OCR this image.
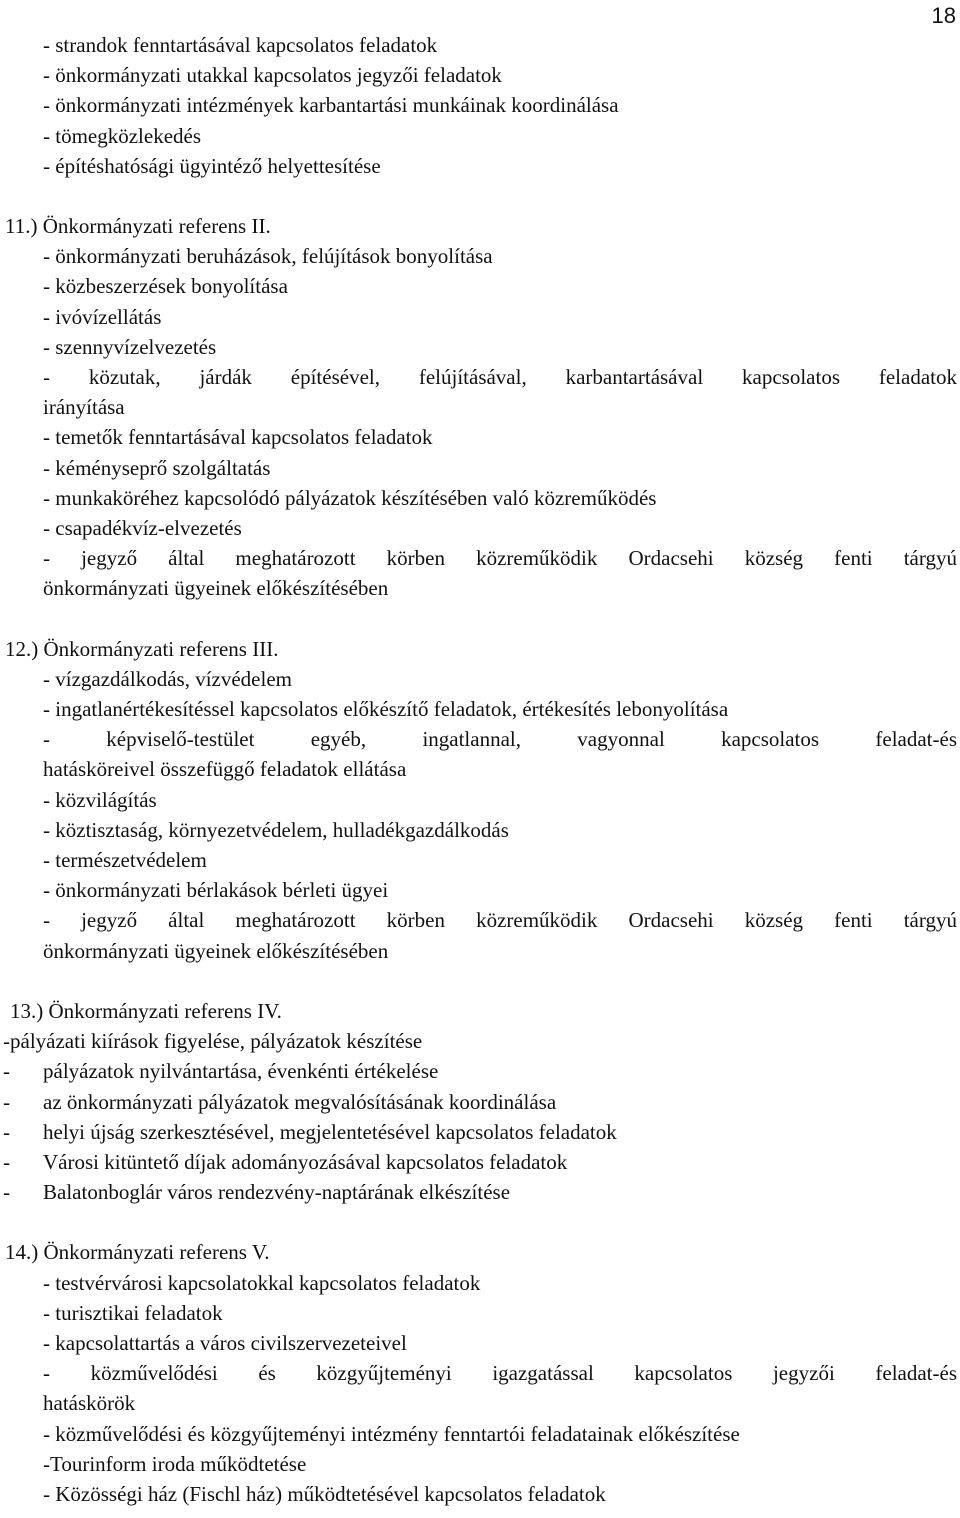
18
- strandok fenntartásával kapcsolatos feladatok
- önkormányzati utakkal kapcsolatos jegyzői feladatok
- önkormányzati intézmények karbantartási munkáinak koordinálása
- tömegközlekedés
- építéshatósági ügyintéző helyettesítése
11.) Önkormányzati referens II.
- önkormányzati beruházások, felújítások bonyolítása
- közbeszerzések bonyolítása
- ivóvízellátás
- szennyvízelvezetés
- közutak, járdák építésével, felújításával, karbantartásával kapcsolatos feladatok
irányítása
- temetők fenntartásával kapcsolatos feladatok
- kéményseprő szolgáltatás
- munkaköréhez kapcsolódó pályázatok készítésében való közreműködés
- csapadékvíz-elvezetés
- jegyző által meghatározott körben közreműködik Ordacsehi község fenti tárgyú
önkormányzati ügyeinek előkészítésében
12.) Önkormányzati referens III.
- vízgazdálkodás, vízvédelem
- ingatlanértékesítéssel kapcsolatos előkészítő feladatok, értékesítés lebonyolítása
- képviselő-testület egyéb, ingatlannal, vagyonnal kapcsolatos feladat-és
hatásköreivel összefüggő feladatok ellátása
- közvilágítás
- köztisztaság, környezetvédelem, hulladékgazdálkodás
- természetvédelem
- önkormányzati bérlakások bérleti ügyei
- jegyző által meghatározott körben közreműködik Ordacsehi község fenti tárgyú
önkormányzati ügyeinek előkészítésében
13.) Önkormányzati referens IV.
-pályázati kiírások figyelése, pályázatok készítése
-	pályázatok nyilvántartása, évenkénti értékelése
-	az önkormányzati pályázatok megvalósításának koordinálása
-	helyi újság szerkesztésével, megjelentetésével kapcsolatos feladatok
-	Városi kitüntető díjak adományozásával kapcsolatos feladatok
-	Balatonboglár város rendezvény-naptárának elkészítése
14.) Önkormányzati referens V.
- testvérvárosi kapcsolatokkal kapcsolatos feladatok
- turisztikai feladatok
- kapcsolattartás a város civilszervezeteivel
- közművelődési és közgyűjteményi igazgatással kapcsolatos jegyzői feladat-és
hatáskörök
- közművelődési és közgyűjteményi intézmény fenntartói feladatainak előkészítése
-Tourinform iroda működtetése
- Közösségi ház (Fischl ház) működtetésével kapcsolatos feladatok
